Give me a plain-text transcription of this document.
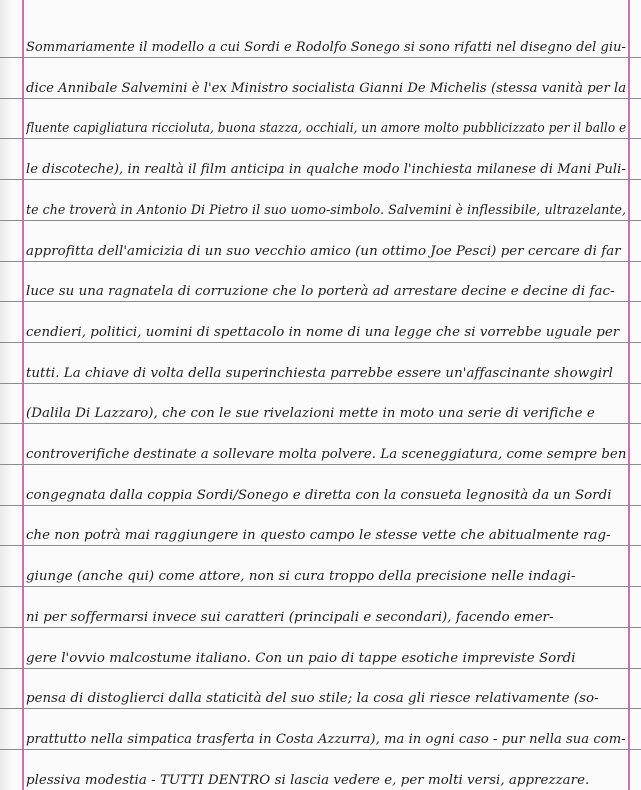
Sommariamente il modello a cui Sordi e Rodolfo Sonego si sono rifatti nel disegno del giu-
dice Annibale Salvemini è l'ex Ministro socialista Gianni De Michelis (stessa vanità per la
fluente capigliatura riccioluta, buona stazza, occhiali, un amore molto pubblicizzato per il ballo e
le discoteche), in realtà il film anticipa in qualche modo l'inchiesta milanese di Mani Puli-
te che troverà in Antonio Di Pietro il suo uomo-simbolo. Salvemini è inflessibile, ultrazelante,
approfitta dell'amicizia di un suo vecchio amico (un ottimo Joe Pesci) per cercare di far
luce su una ragnatela di corruzione che lo porterà ad arrestare decine e decine di fac-
cendieri, politici, uomini di spettacolo in nome di una legge che si vorrebbe uguale per
tutti. La chiave di volta della superinchiesta parrebbe essere un'affascinante showgirl
(Dalila Di Lazzaro), che con le sue rivelazioni mette in moto una serie di verifiche e
controverifiche destinate a sollevare molta polvere. La sceneggiatura, come sempre ben
congegnata dalla coppia Sordi/Sonego e diretta con la consueta legnosità da un Sordi
che non potrà mai raggiungere in questo campo le stesse vette che abitualmente rag-
giunge (anche qui) come attore, non si cura troppo della precisione nelle indagi-
ni per soffermarsi invece sui caratteri (principali e secondari), facendo emer-
gere l'ovvio malcostume italiano. Con un paio di tappe esotiche impreviste Sordi
pensa di distoglierci dalla staticità del suo stile; la cosa gli riesce relativamente (so-
prattutto nella simpatica trasferta in Costa Azzurra), ma in ogni caso - pur nella sua com-
plessiva modestia - TUTTI DENTRO si lascia vedere e, per molti versi, apprezzare.
